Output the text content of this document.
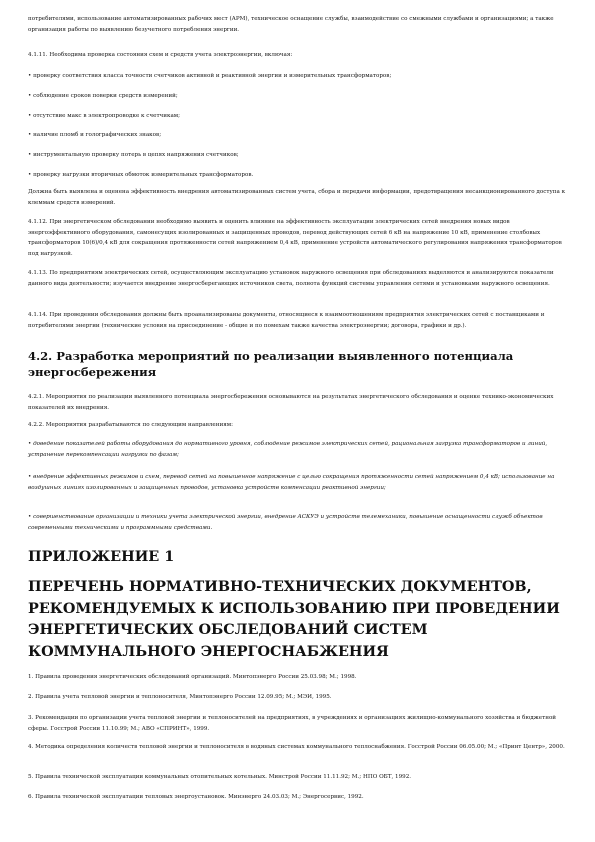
потребителями, использование автоматизированных рабочих мест (АРМ), техническое оснащение службы, взаимодействие со смежными службами и организациями; а также организация работы по выявлению безучетного потребления энергии.

4.1.11. Необходима проверка состояния схем и средств учета электроэнергии, включая:

• проверку соответствия класса точности счетчиков активной и реактивной энергии и измерительных трансформаторов;

• соблюдение сроков поверки средств измерений;

• отсутствие макс в электропроводке к счетчикам;

• наличие пломб и голографических знаков;

• инструментальную проверку потерь в цепях напряжения счетчиков;

• проверку нагрузки вторичных обмоток измерительных трансформаторов.

Должна быть выявлена и оценена эффективность внедрения автоматизированных систем учета, сбора и передачи информации, предотвращения несанкционированного доступа к клеммам средств измерений.

4.1.12. При энергетическом обследовании необходимо выявить и оценить влияние на эффективность эксплуатации электрических сетей внедрения новых видов энергоэффективного оборудования, самонесущих изолированных и защищенных проводов, перевод действующих сетей 6 кВ на напряжение 10 кВ, применение столбовых трансформаторов 10(6)/0,4 кВ для сокращения протяженности сетей напряжением 0,4 кВ, применение устройств автоматического регулирования напряжения трансформаторов под нагрузкой.

4.1.13. По предприятиям электрических сетей, осуществляющим эксплуатацию установок наружного освещения при обследованиях выделяются и анализируются показатели данного вида деятельности; изучается внедрение энергосберегающих источников света, полнота функций системы управления сетями и установками наружного освещения.

4.1.14. При проведении обследования должны быть проанализированы документы, относящиеся к взаимоотношениям предприятия электрических сетей с поставщиками и потребителями энергии (технические условия на присоединение - общие и по помехам также качества электроэнергии; договора, графики и др.).

4.2. Разработка мероприятий по реализации выявленного потенциала энергосбережения

4.2.1. Мероприятия по реализации выявленного потенциала энергосбережения основываются на результатах энергетического обследования и оценке технико-экономических показателей их внедрения.

4.2.2. Мероприятия разрабатываются по следующим направлениям:

• доведение показателей работы оборудования до нормативного уровня, соблюдение режимов электрических сетей, рациональная загрузка трансформаторов и линий, устранение перекомпенсации нагрузки по фазам;

• внедрение эффективных режимов и схем, перевод сетей на повышенное напряжение с целью сокращения протяженности сетей напряжением 0,4 кВ; использование на воздушных линиях изолированных и защищенных проводов, установка устройств компенсации реактивной энергии;

• совершенствование организации и техники учета электрической энергии, внедрение АСКУЭ и устройств телемеханики, повышение оснащенности служб объектов современными техническими и программными средствами.

ПРИЛОЖЕНИЕ 1
ПЕРЕЧЕНЬ НОРМАТИВНО-ТЕХНИЧЕСКИХ ДОКУМЕНТОВ, РЕКОМЕНДУЕМЫХ К ИСПОЛЬЗОВАНИЮ ПРИ ПРОВЕДЕНИИ ЭНЕРГЕТИЧЕСКИХ ОБСЛЕДОВАНИЙ СИСТЕМ КОММУНАЛЬНОГО ЭНЕРГОСНАБЖЕНИЯ

1. Правила проведения энергетических обследований организаций. Минтопэнерго России 25.03.98; М.; 1998.

2. Правила учета тепловой энергии и теплоносителя, Минтопэнерго России 12.09.95; М.; МЭИ, 1995.

3. Рекомендации по организации учета тепловой энергии и теплоносителей на предприятиях, в учреждениях и организациях жилищно-коммунального хозяйства и бюджетной сферы. Госстрой России 11.10.99; М.; АВО «СПРИНТ», 1999.

4. Методика определения количеств тепловой энергии и теплоносителя в водяных системах коммунального теплоснабжения. Госстрой России 06.05.00; М.; «Принт Центр», 2000.

5. Правила технической эксплуатации коммунальных отопительных котельных. Минстрой России 11.11.92; М.; НПО ОБТ, 1992.

6. Правила технической эксплуатации тепловых энергоустановок. Минэнерго 24.03.03; М.; Энергосервис, 1992.
